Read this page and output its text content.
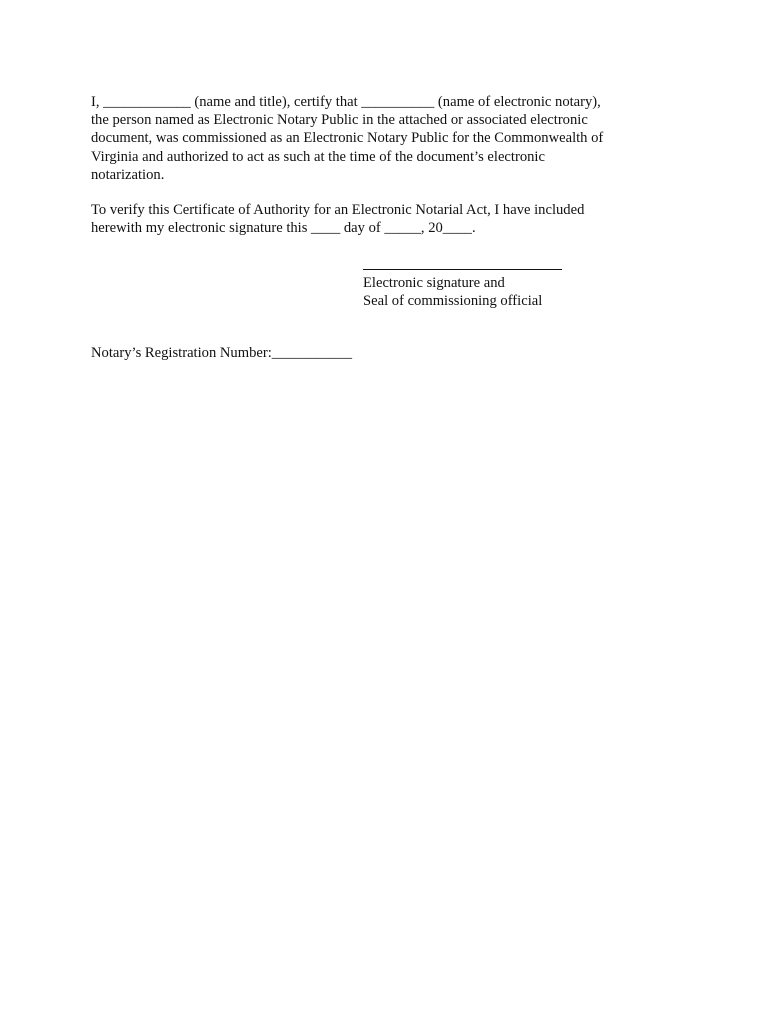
I, ____________ (name and title), certify that __________ (name of electronic notary),
the person named as Electronic Notary Public in the attached or associated electronic
document, was commissioned as an Electronic Notary Public for the Commonwealth of
Virginia and authorized to act as such at the time of the document’s electronic
notarization.

To verify this Certificate of Authority for an Electronic Notarial Act, I have included
herewith my electronic signature this ____ day of _____, 20____.

Electronic signature and
Seal of commissioning official
Notary’s Registration Number:___________
